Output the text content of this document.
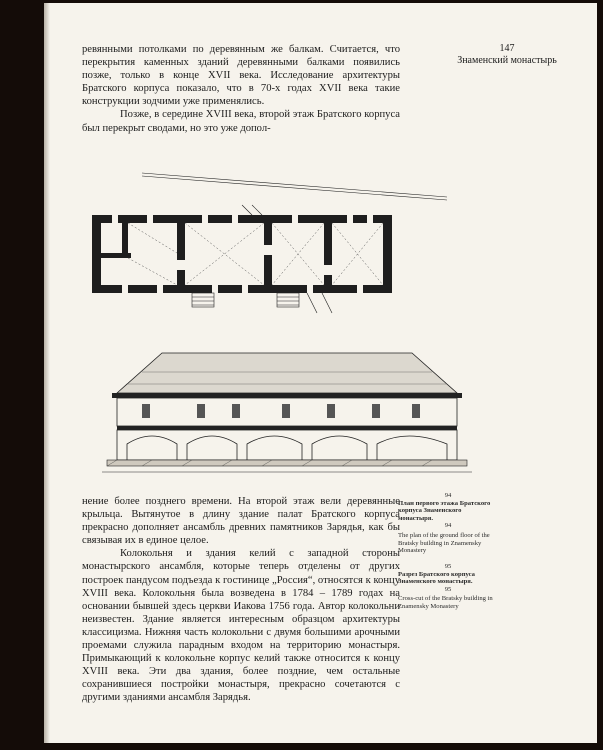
147
Знаменский монастырь

ревянными потолками по деревянным же балкам. Считается, что перекрытия каменных зданий деревянными балками появились позже, только в конце XVII века. Исследование архитектуры Братского корпуса показало, что в 70-х годах XVII века такие конструкции зодчими уже применялись.

Позже, в середине XVIII века, второй этаж Братского корпуса был перекрыт сводами, но это уже допол-

нение более позднего времени. На второй этаж вели деревянные крыльца. Вытянутое в длину здание палат Братского корпуса прекрасно дополняет ансамбль древних памятников Зарядья, как бы связывая их в единое целое.

Колокольня и здания келий с западной стороны монастырского ансамбля, которые теперь отделены от других построек пандусом подъезда к гостинице „Россия“, относятся к концу XVIII века. Колокольня была возведена в 1784 – 1789 годах на основании бывшей здесь церкви Иакова 1756 года. Автор колокольни неизвестен. Здание является интересным образцом архитектуры классицизма. Нижняя часть колокольни с двумя большими арочными проемами служила парадным входом на территорию монастыря. Примыкающий к колокольне корпус келий также относится к концу XVIII века. Эти два здания, более поздние, чем остальные сохранившиеся постройки монастыря, прекрасно сочетаются с другими зданиями ансамбля Зарядья.

94
План первого этажа Братского корпуса Знаменского монастыря.
94
The plan of the ground floor of the Bratsky building in Znamensky Monastery
95
Разрез Братского корпуса Знаменского монастыря.
95
Cross-cut of the Bratsky building in Znamensky Monastery
